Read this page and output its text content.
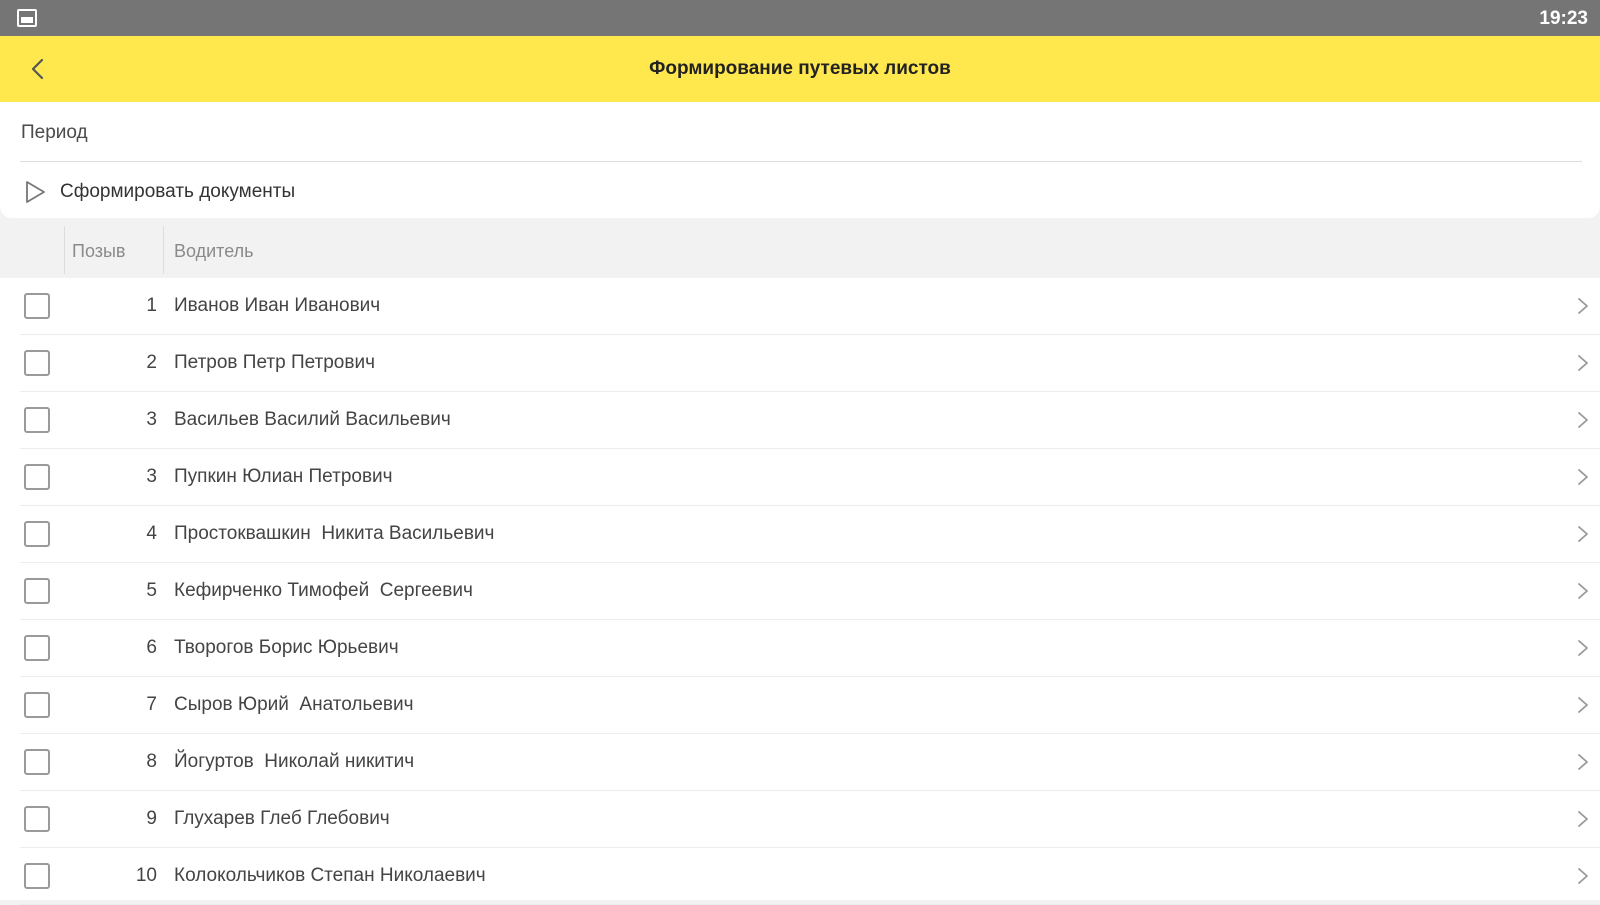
19:23
Формирование путевых листов
Период
Сформировать документы
Позыв	Водитель
1 Иванов Иван Иванович
2 Петров Петр Петрович
3 Васильев Василий Васильевич
3 Пупкин Юлиан Петрович
4 Простоквашкин  Никита Васильевич
5 Кефирченко Тимофей  Сергеевич
6 Творогов Борис Юрьевич
7 Сыров Юрий  Анатольевич
8 Йогуртов  Николай никитич
9 Глухарев Глеб Глебович
10 Колокольчиков Степан Николаевич
